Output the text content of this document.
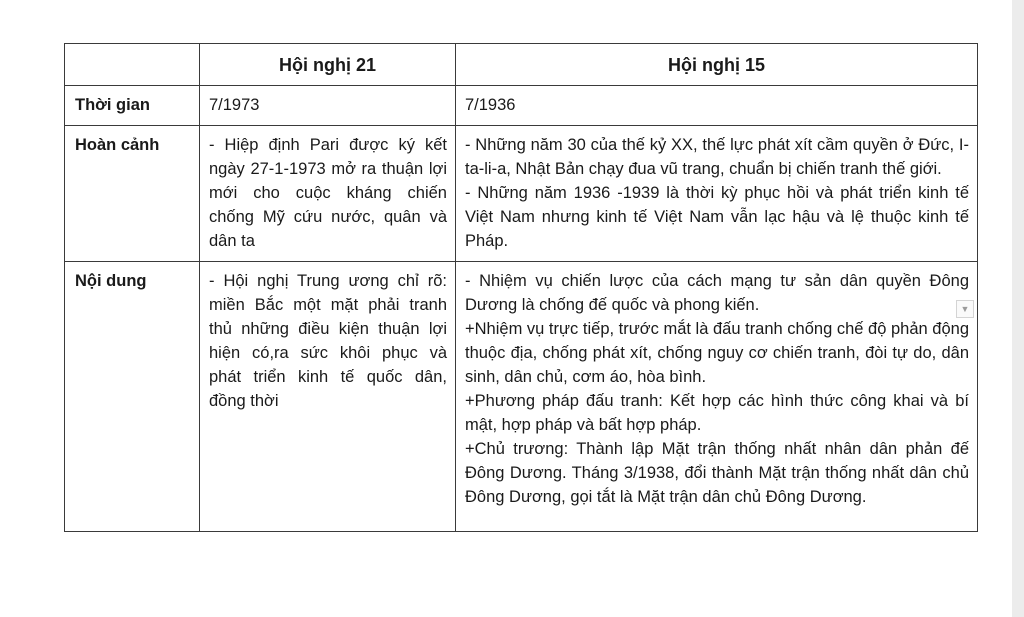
	Hội nghị 21	Hội nghị 15
Thời gian	7/1973	7/1936

Hoàn cảnh	- Hiệp định Pari được ký kết ngày 27-1-1973 mở ra thuận lợi mới cho cuộc kháng chiến chống Mỹ cứu nước, quân và dân ta	- Những năm 30 của thế kỷ XX, thế lực phát xít cầm quyền ở Đức, I-ta-li-a, Nhật Bản chạy đua vũ trang, chuẩn bị chiến tranh thế giới.

- Những năm 1936 -1939 là thời kỳ phục hồi và phát triển kinh tế Việt Nam nhưng kinh tế Việt Nam vẫn lạc hậu và lệ thuộc kinh tế Pháp.

Nội dung	- Hội nghị Trung ương chỉ rõ: miền Bắc một mặt phải tranh thủ những điều kiện thuận lợi hiện có,ra sức khôi phục và phát triển kinh tế quốc dân, đồng thời	- Nhiệm vụ chiến lược của cách mạng tư sản dân quyền Đông Dương là chống đế quốc và phong kiến.

+Nhiệm vụ trực tiếp, trước mắt là đấu tranh chống chế độ phản động thuộc địa, chống phát xít, chống nguy cơ chiến tranh, đòi tự do, dân sinh, dân chủ, cơm áo, hòa bình.

+Phương pháp đấu tranh: Kết hợp các hình thức công khai và bí mật, hợp pháp và bất hợp pháp.

+Chủ trương: Thành lập Mặt trận thống nhất nhân dân phản đế Đông Dương. Tháng 3/1938, đổi thành Mặt trận thống nhất dân chủ Đông Dương, gọi tắt là Mặt trận dân chủ Đông Dương.

▼
